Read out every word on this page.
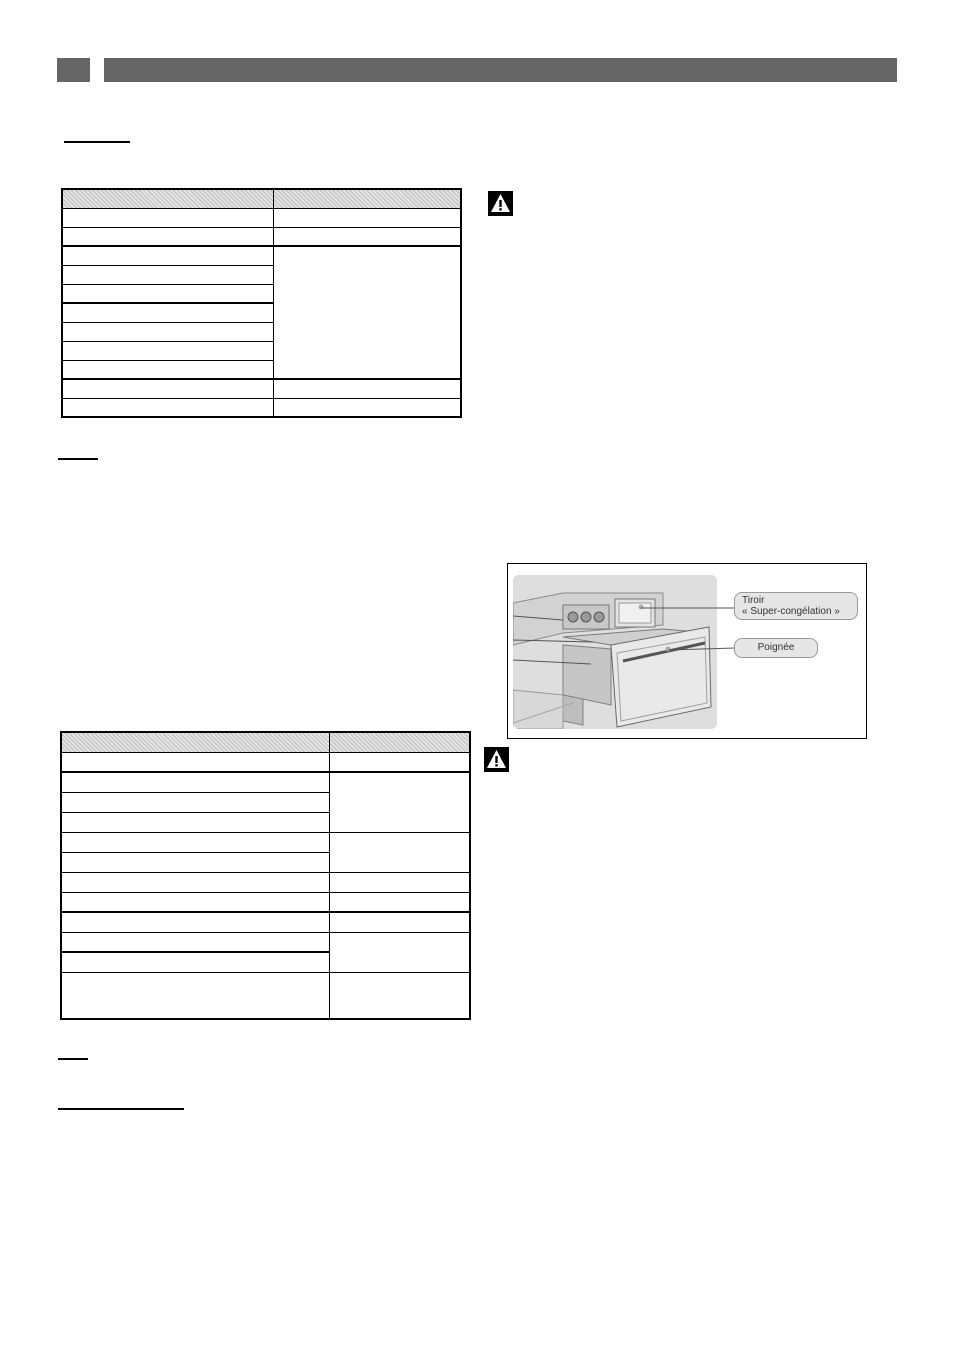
Tiroir
« Super-congélation »
Poignée
